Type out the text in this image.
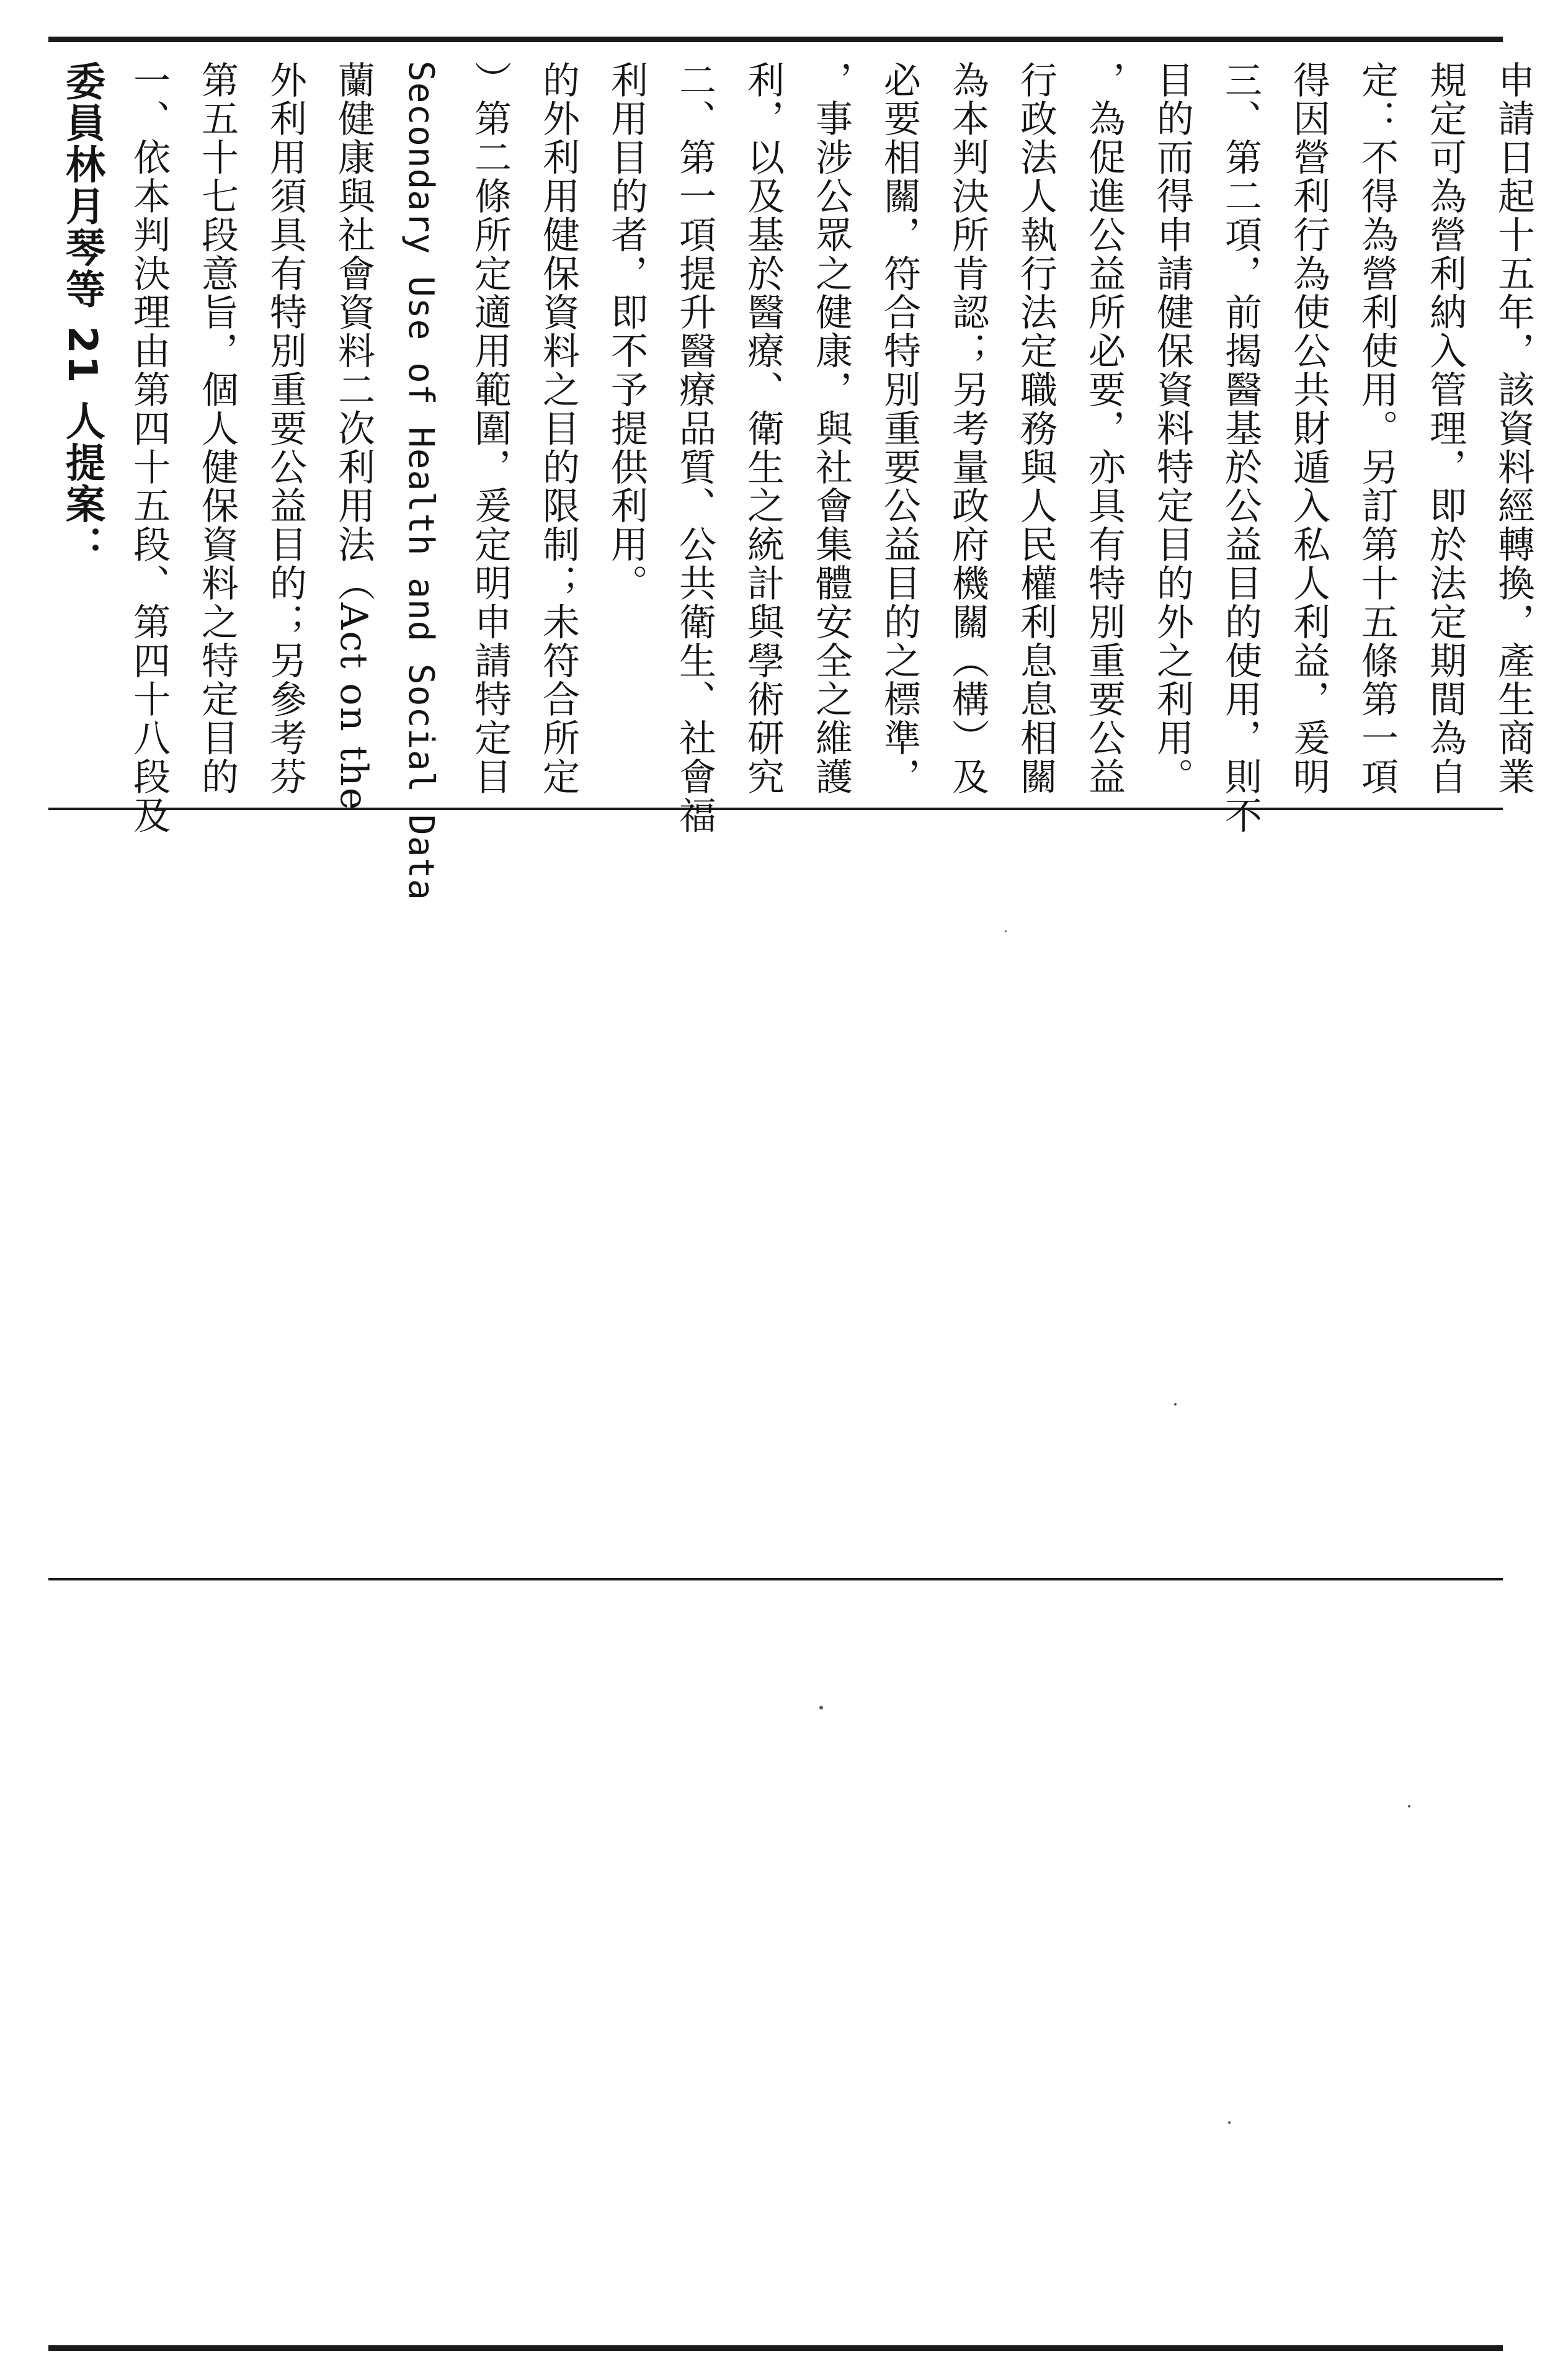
委員林月琴等 21 人提案： 一、依本判決理由第四十五段、第四十八段及 第五十七段意旨，個人健保資料之特定目的 外利用須具有特別重要公益目的；另參考芬 蘭健康與社會資料二次利用法（Act on the Secondary Use of Health and Social Data ）第二條所定適用範圍，爰定明申請特定目 的外利用健保資料之目的限制；未符合所定 利用目的者，即不予提供利用。 二、第一項提升醫療品質、公共衛生、社會福 利，以及基於醫療、衛生之統計與學術研究 ，事涉公眾之健康，與社會集體安全之維護 必要相關，符合特別重要公益目的之標準， 為本判決所肯認；另考量政府機關（構）及 行政法人執行法定職務與人民權利息息相關 ，為促進公益所必要，亦具有特別重要公益 目的而得申請健保資料特定目的外之利用。 三、第二項，前揭醫基於公益目的使用，則不 得因營利行為使公共財遁入私人利益，爰明 定：不得為營利使用。另訂第十五條第一項 規定可為營利納入管理，即於法定期間為自 申請日起十五年，該資料經轉換，產生商業
